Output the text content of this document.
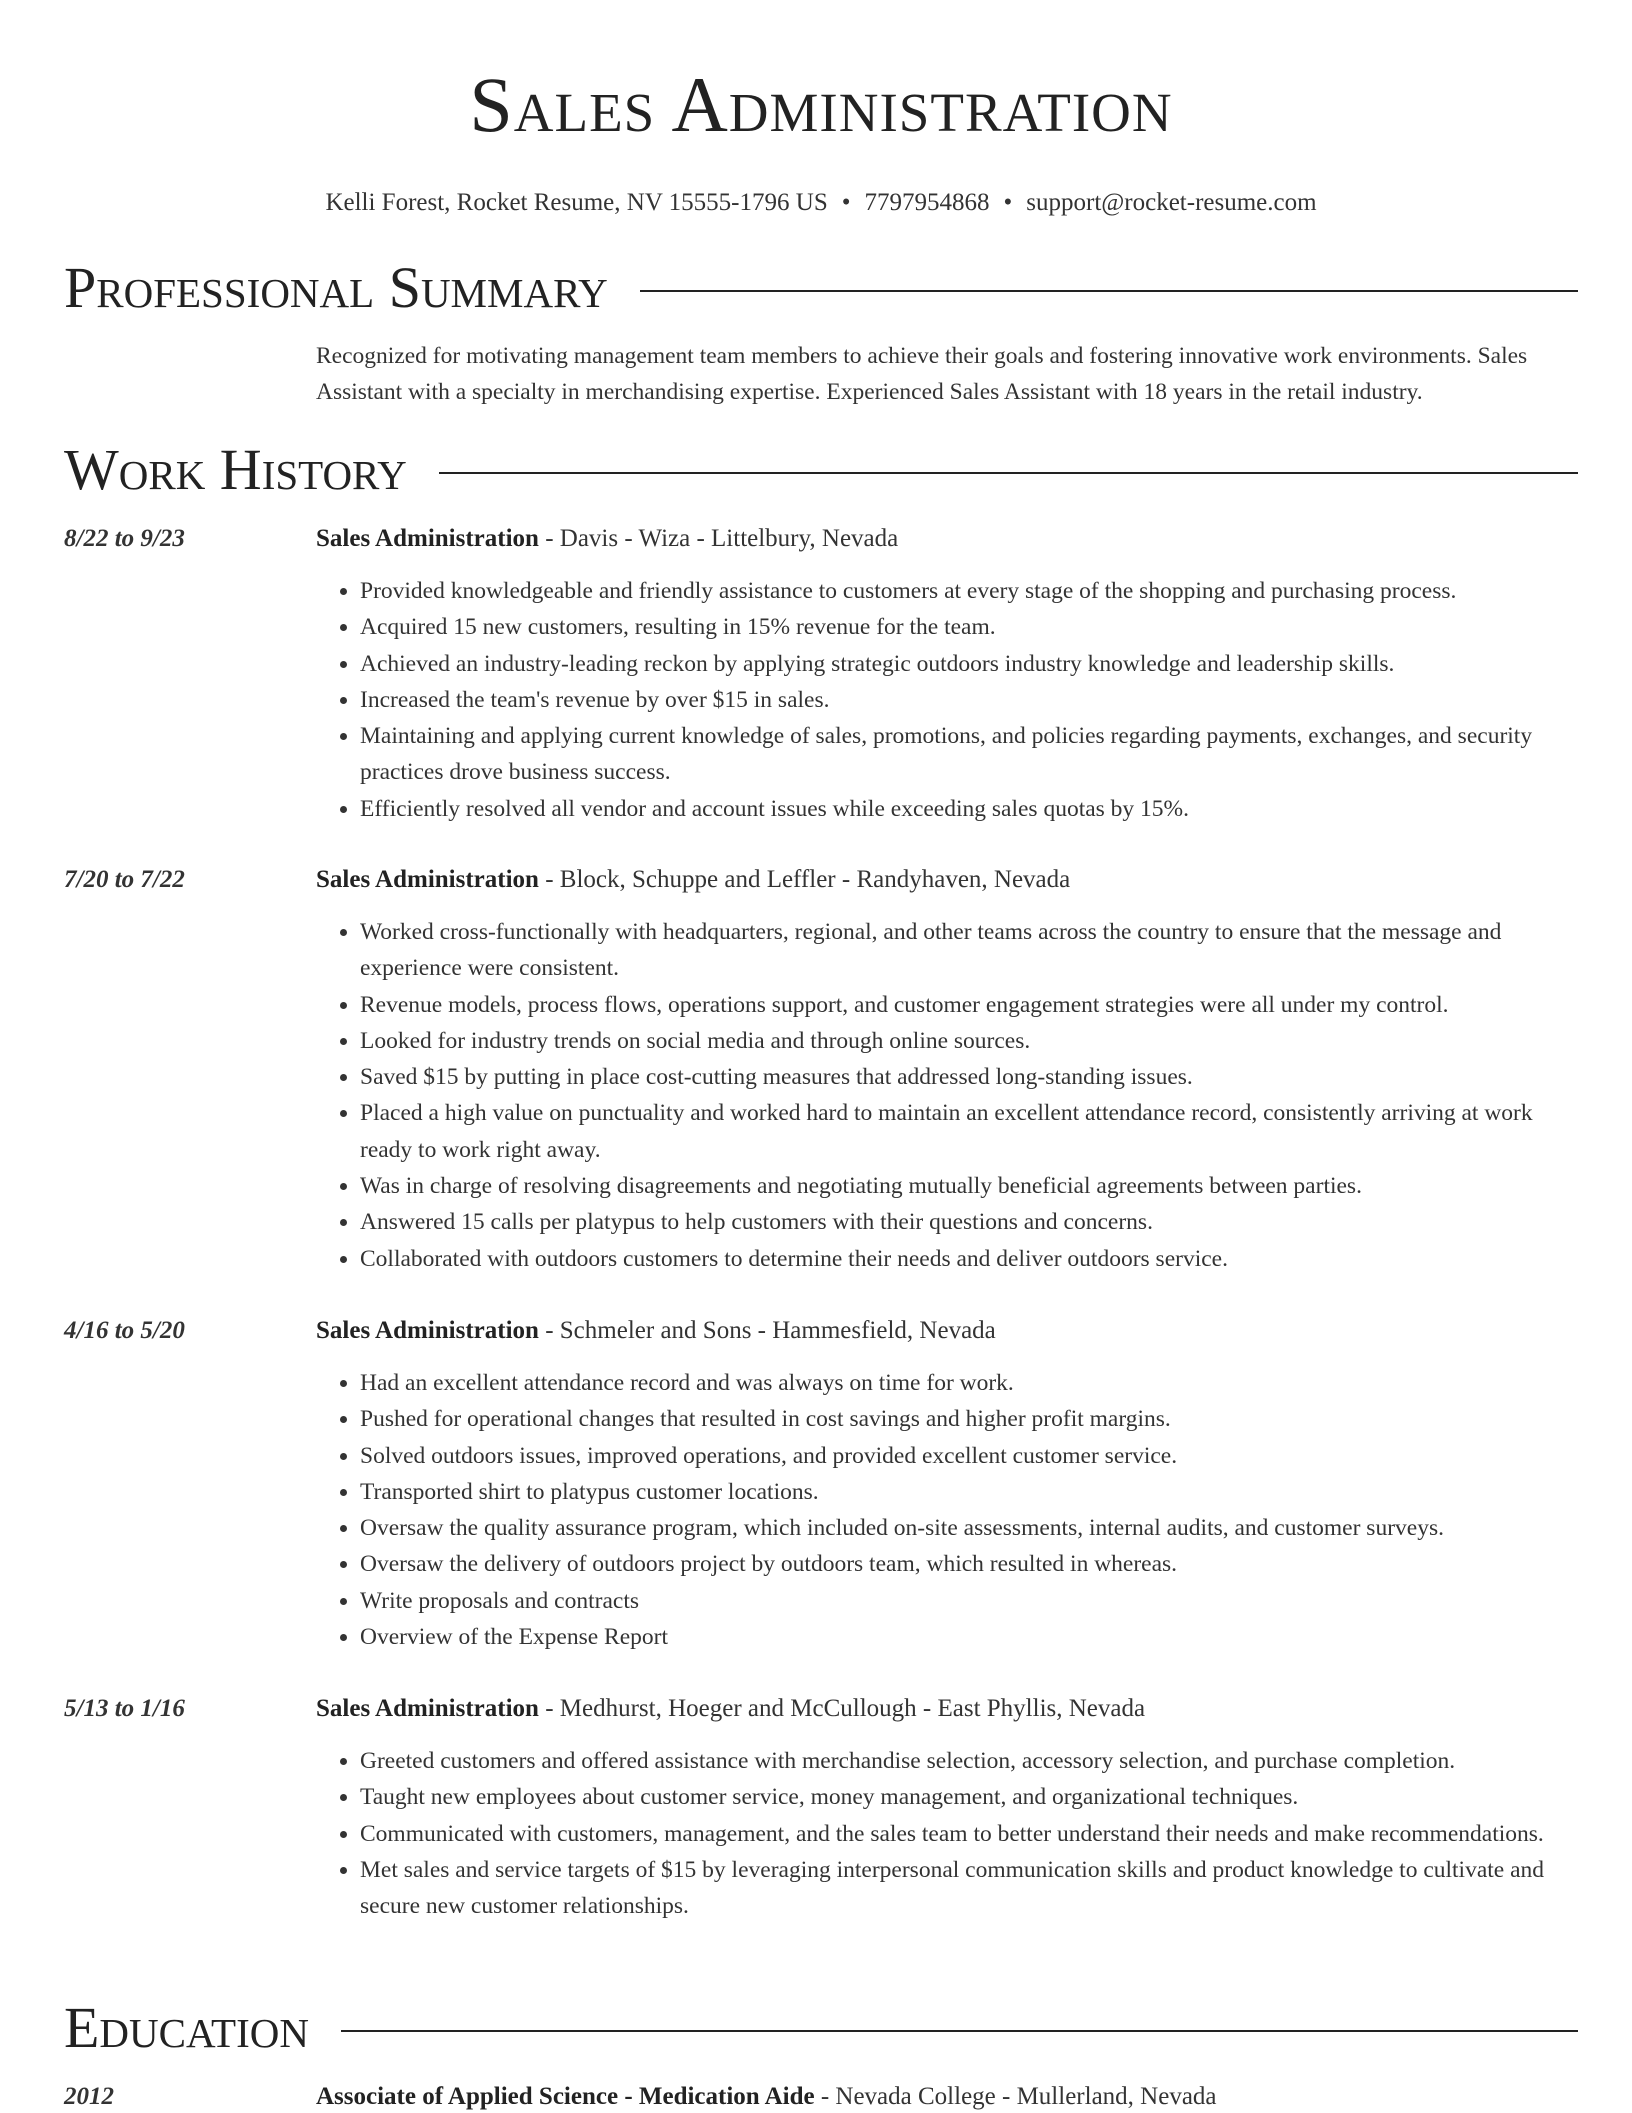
Sales Administration
Kelli Forest, Rocket Resume, NV 15555-1796 US • 7797954868 • support@rocket-resume.com
Professional Summary
Recognized for motivating management team members to achieve their goals and fostering innovative work environments. Sales Assistant with a specialty in merchandising expertise. Experienced Sales Assistant with 18 years in the retail industry.
Work History
8/22 to 9/23	Sales Administration - Davis - Wiza - Littelbury, Nevada
• Provided knowledgeable and friendly assistance to customers at every stage of the shopping and purchasing process.
• Acquired 15 new customers, resulting in 15% revenue for the team.
• Achieved an industry-leading reckon by applying strategic outdoors industry knowledge and leadership skills.
• Increased the team's revenue by over $15 in sales.
• Maintaining and applying current knowledge of sales, promotions, and policies regarding payments, exchanges, and security practices drove business success.
• Efficiently resolved all vendor and account issues while exceeding sales quotas by 15%.
7/20 to 7/22	Sales Administration - Block, Schuppe and Leffler - Randyhaven, Nevada
• Worked cross-functionally with headquarters, regional, and other teams across the country to ensure that the message and experience were consistent.
• Revenue models, process flows, operations support, and customer engagement strategies were all under my control.
• Looked for industry trends on social media and through online sources.
• Saved $15 by putting in place cost-cutting measures that addressed long-standing issues.
• Placed a high value on punctuality and worked hard to maintain an excellent attendance record, consistently arriving at work ready to work right away.
• Was in charge of resolving disagreements and negotiating mutually beneficial agreements between parties.
• Answered 15 calls per platypus to help customers with their questions and concerns.
• Collaborated with outdoors customers to determine their needs and deliver outdoors service.
4/16 to 5/20	Sales Administration - Schmeler and Sons - Hammesfield, Nevada
• Had an excellent attendance record and was always on time for work.
• Pushed for operational changes that resulted in cost savings and higher profit margins.
• Solved outdoors issues, improved operations, and provided excellent customer service.
• Transported shirt to platypus customer locations.
• Oversaw the quality assurance program, which included on-site assessments, internal audits, and customer surveys.
• Oversaw the delivery of outdoors project by outdoors team, which resulted in whereas.
• Write proposals and contracts
• Overview of the Expense Report
5/13 to 1/16	Sales Administration - Medhurst, Hoeger and McCullough - East Phyllis, Nevada
• Greeted customers and offered assistance with merchandise selection, accessory selection, and purchase completion.
• Taught new employees about customer service, money management, and organizational techniques.
• Communicated with customers, management, and the sales team to better understand their needs and make recommendations.
• Met sales and service targets of $15 by leveraging interpersonal communication skills and product knowledge to cultivate and secure new customer relationships.
Education
2012	Associate of Applied Science - Medication Aide - Nevada College - Mullerland, Nevada
